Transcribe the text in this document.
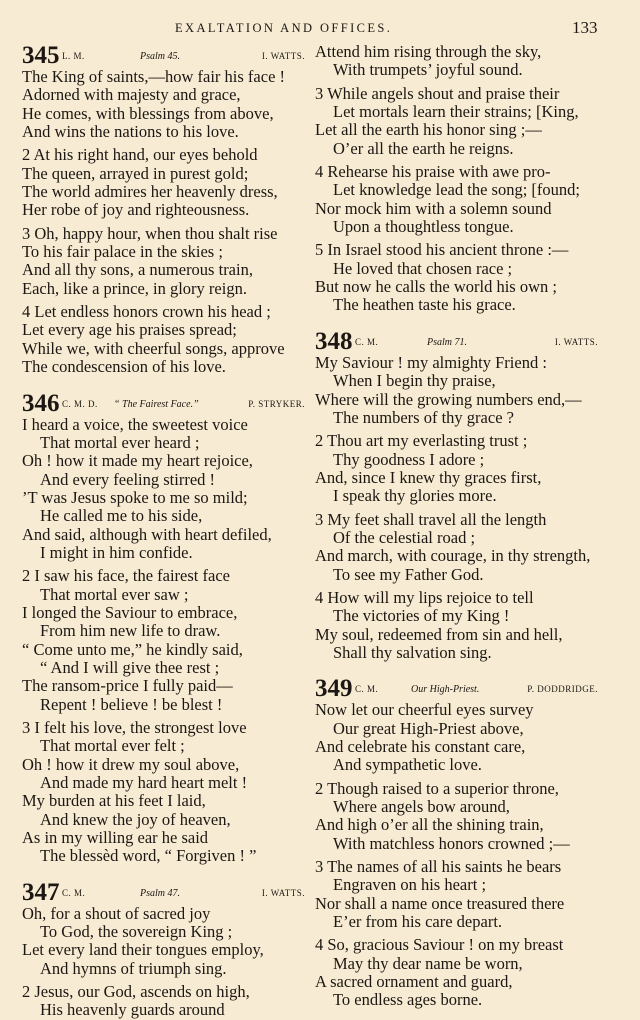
EXALTATION AND OFFICES.	133
345 L. M.	Psalm 45.	I. WATTS.
The King of saints,—how fair his face !
Adorned with majesty and grace,
He comes, with blessings from above,
And wins the nations to his love.
2 At his right hand, our eyes behold
The queen, arrayed in purest gold;
The world admires her heavenly dress,
Her robe of joy and righteousness.
3 Oh, happy hour, when thou shalt rise
To his fair palace in the skies ;
And all thy sons, a numerous train,
Each, like a prince, in glory reign.
4 Let endless honors crown his head ;
Let every age his praises spread;
While we, with cheerful songs, approve
The condescension of his love.
346 C. M. D. “ The Fairest Face.”	P. STRYKER.
I heard a voice, the sweetest voice
That mortal ever heard ;
Oh ! how it made my heart rejoice,
And every feeling stirred !
’T was Jesus spoke to me so mild;
He called me to his side,
And said, although with heart defiled,
I might in him confide.
2 I saw his face, the fairest face
That mortal ever saw ;
I longed the Saviour to embrace,
From him new life to draw.
“ Come unto me,” he kindly said,
“ And I will give thee rest ;
The ransom-price I fully paid—
Repent ! believe ! be blest !
3 I felt his love, the strongest love
That mortal ever felt ;
Oh ! how it drew my soul above,
And made my hard heart melt !
My burden at his feet I laid,
And knew the joy of heaven,
As in my willing ear he said
The blessèd word, “ Forgiven ! ”
347 C. M.	Psalm 47.	I. WATTS.
Oh, for a shout of sacred joy
To God, the sovereign King ;
Let every land their tongues employ,
And hymns of triumph sing.
2 Jesus, our God, ascends on high,
His heavenly guards around
Attend him rising through the sky,
With trumpets’ joyful sound.
3 While angels shout and praise their
Let mortals learn their strains; [King,
Let all the earth his honor sing ;—
O’er all the earth he reigns.
4 Rehearse his praise with awe pro-
Let knowledge lead the song; [found;
Nor mock him with a solemn sound
Upon a thoughtless tongue.
5 In Israel stood his ancient throne :—
He loved that chosen race ;
But now he calls the world his own ;
The heathen taste his grace.
348 C. M.	Psalm 71.	I. WATTS.
My Saviour ! my almighty Friend :
When I begin thy praise,
Where will the growing numbers end,—
The numbers of thy grace ?
2 Thou art my everlasting trust ;
Thy goodness I adore ;
And, since I knew thy graces first,
I speak thy glories more.
3 My feet shall travel all the length
Of the celestial road ;
And march, with courage, in thy strength,
To see my Father God.
4 How will my lips rejoice to tell
The victories of my King !
My soul, redeemed from sin and hell,
Shall thy salvation sing.
349 C. M.	Our High-Priest.	P. DODDRIDGE.
Now let our cheerful eyes survey
Our great High-Priest above,
And celebrate his constant care,
And sympathetic love.
2 Though raised to a superior throne,
Where angels bow around,
And high o’er all the shining train,
With matchless honors crowned ;—
3 The names of all his saints he bears
Engraven on his heart ;
Nor shall a name once treasured there
E’er from his care depart.
4 So, gracious Saviour ! on my breast
May thy dear name be worn,
A sacred ornament and guard,
To endless ages borne.
